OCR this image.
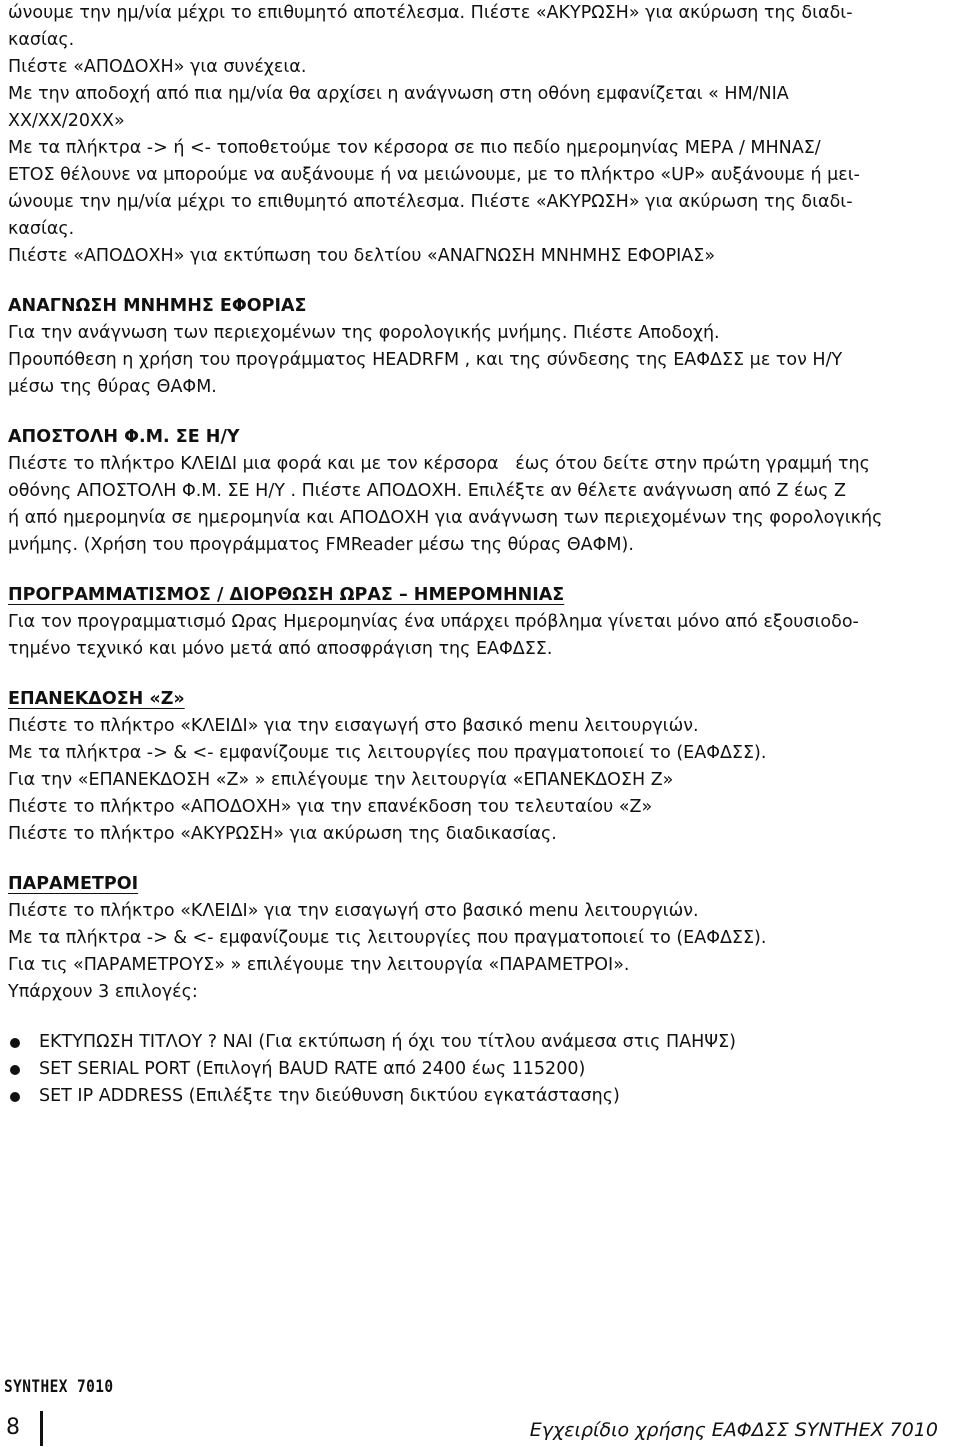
ώνουμε την ημ/νία μέχρι το επιθυμητό αποτέλεσμα. Πιέστε «ΑΚΥΡΩΣΗ» για ακύρωση της διαδι-

κασίας.

Πιέστε «ΑΠΟΔΟΧΗ» για συνέχεια.

Με την αποδοχή από πια ημ/νία θα αρχίσει η ανάγνωση στη οθόνη εμφανίζεται « ΗΜ/ΝΙΑ

ΧΧ/ΧΧ/20ΧΧ»

Με τα πλήκτρα -> ή <- τοποθετούμε τον κέρσορα σε πιο πεδίο ημερομηνίας ΜΕΡΑ / ΜΗΝΑΣ/

ΕΤΟΣ θέλουνε να μπορούμε να αυξάνουμε ή να μειώνουμε, με το πλήκτρο «UP» αυξάνουμε ή μει-

ώνουμε την ημ/νία μέχρι το επιθυμητό αποτέλεσμα. Πιέστε «ΑΚΥΡΩΣΗ» για ακύρωση της διαδι-

κασίας.

Πιέστε «ΑΠΟΔΟΧΗ» για εκτύπωση του δελτίου «ΑΝΑΓΝΩΣΗ ΜΝΗΜΗΣ ΕΦΟΡΙΑΣ»

ΑΝΑΓΝΩΣΗ ΜΝΗΜΗΣ ΕΦΟΡΙΑΣ

Για την ανάγνωση των περιεχομένων της φορολογικής μνήμης. Πιέστε Αποδοχή.

Προυπόθεση η χρήση του προγράμματος HEADRFM , και της σύνδεσης της ΕΑΦΔΣΣ με τον Η/Υ

μέσω της θύρας ΘΑΦΜ.

ΑΠΟΣΤΟΛΗ Φ.Μ. ΣΕ Η/Υ

Πιέστε το πλήκτρο ΚΛΕΙΔΙ μια φορά και με τον κέρσορα   έως ότου δείτε στην πρώτη γραμμή της

οθόνης ΑΠΟΣΤΟΛΗ Φ.Μ. ΣΕ Η/Υ . Πιέστε ΑΠΟΔΟΧΗ. Επιλέξτε αν θέλετε ανάγνωση από Ζ έως Ζ

ή από ημερομηνία σε ημερομηνία και ΑΠΟΔΟΧΗ για ανάγνωση των περιεχομένων της φορολογικής

μνήμης. (Χρήση του προγράμματος FMReader μέσω της θύρας ΘΑΦΜ).

ΠΡΟΓΡΑΜΜΑΤΙΣΜΟΣ / ΔΙΟΡΘΩΣΗ ΩΡΑΣ – ΗΜΕΡΟΜΗΝΙΑΣ

Για τον προγραμματισμό Ωρας Ημερομηνίας ένα υπάρχει πρόβλημα γίνεται μόνο από εξουσιοδο-

τημένο τεχνικό και μόνο μετά από αποσφράγιση της ΕΑΦΔΣΣ.

ΕΠΑΝΕΚΔΟΣΗ «Ζ»

Πιέστε το πλήκτρο «ΚΛΕΙΔΙ» για την εισαγωγή στο βασικό menu λειτουργιών.

Με τα πλήκτρα -> & <- εμφανίζουμε τις λειτουργίες που πραγματοποιεί το (ΕΑΦΔΣΣ).

Για την «ΕΠΑΝΕΚΔΟΣΗ «Ζ» » επιλέγουμε την λειτουργία «ΕΠΑΝΕΚΔΟΣΗ Ζ»

Πιέστε το πλήκτρο «ΑΠΟΔΟΧΗ» για την επανέκδοση του τελευταίου «Ζ»

Πιέστε το πλήκτρο «ΑΚΥΡΩΣΗ» για ακύρωση της διαδικασίας.

ΠΑΡΑΜΕΤΡΟΙ

Πιέστε το πλήκτρο «ΚΛΕΙΔΙ» για την εισαγωγή στο βασικό menu λειτουργιών.

Με τα πλήκτρα -> & <- εμφανίζουμε τις λειτουργίες που πραγματοποιεί το (ΕΑΦΔΣΣ).

Για τις «ΠΑΡΑΜΕΤΡΟΥΣ» » επιλέγουμε την λειτουργία «ΠΑΡΑΜΕΤΡΟΙ».

Υπάρχουν 3 επιλογές:

ΕΚΤΥΠΩΣΗ ΤΙΤΛΟΥ ? ΝΑΙ (Για εκτύπωση ή όχι του τίτλου ανάμεσα στις ΠΑΗΨΣ)
SET SERIAL PORT (Επιλογή BAUD RATE από 2400 έως 115200)
SET IP ADDRESS (Επιλέξτε την διεύθυνση δικτύου εγκατάστασης)
SYNTHEX 7010
8	Εγχειρίδιο χρήσης ΕΑΦΔΣΣ SYNTHEX 7010
